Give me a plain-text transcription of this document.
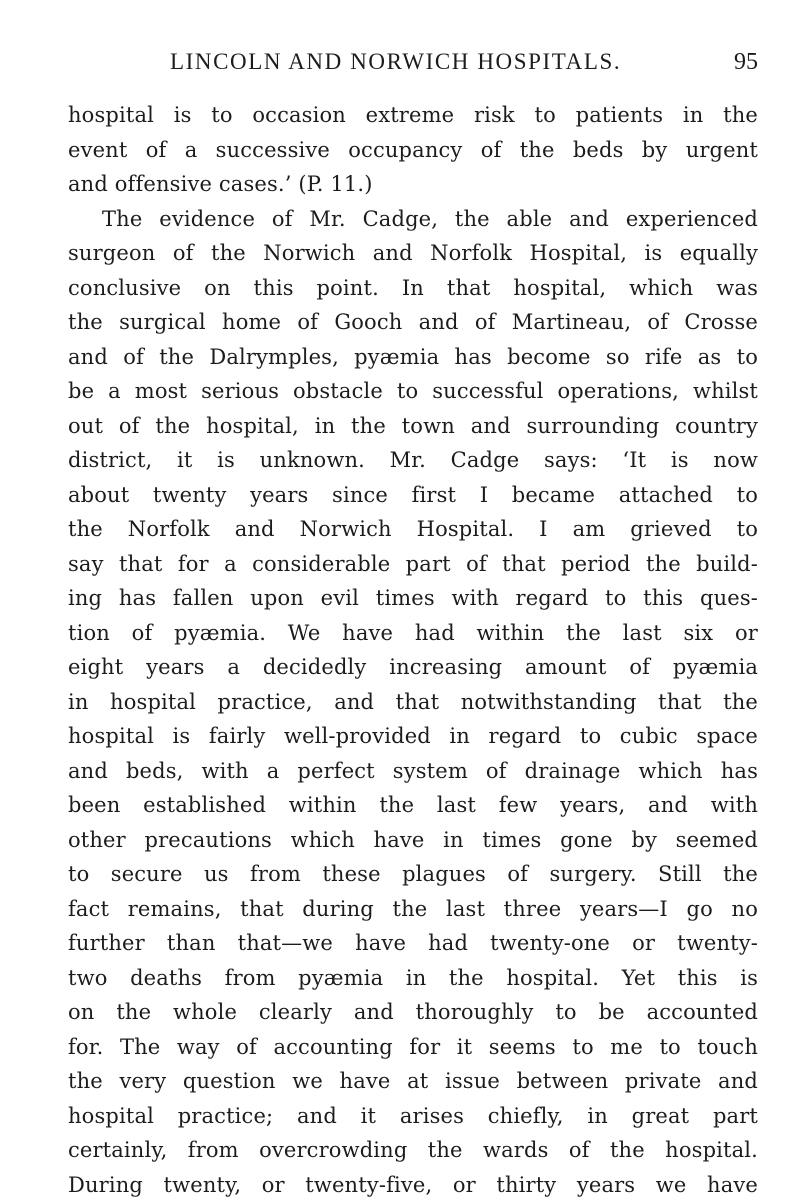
LINCOLN AND NORWICH HOSPITALS.	95
hospital is to occasion extreme risk to patients in the
event of a successive occupancy of the beds by urgent
and offensive cases.’ (P. 11.)
The evidence of Mr. Cadge, the able and experienced
surgeon of the Norwich and Norfolk Hospital, is equally
conclusive on this point. In that hospital, which was
the surgical home of Gooch and of Martineau, of Crosse
and of the Dalrymples, pyæmia has become so rife as to
be a most serious obstacle to successful operations, whilst
out of the hospital, in the town and surrounding country
district, it is unknown. Mr. Cadge says: ‘It is now
about twenty years since first I became attached to
the Norfolk and Norwich Hospital. I am grieved to
say that for a considerable part of that period the build-
ing has fallen upon evil times with regard to this ques-
tion of pyæmia. We have had within the last six or
eight years a decidedly increasing amount of pyæmia
in hospital practice, and that notwithstanding that the
hospital is fairly well-provided in regard to cubic space
and beds, with a perfect system of drainage which has
been established within the last few years, and with
other precautions which have in times gone by seemed
to secure us from these plagues of surgery. Still the
fact remains, that during the last three years—I go no
further than that—we have had twenty-one or twenty-
two deaths from pyæmia in the hospital. Yet this is
on the whole clearly and thoroughly to be accounted
for. The way of accounting for it seems to me to touch
the very question we have at issue between private and
hospital practice; and it arises chiefly, in great part
certainly, from overcrowding the wards of the hospital.
During twenty, or twenty-five, or thirty years we have
